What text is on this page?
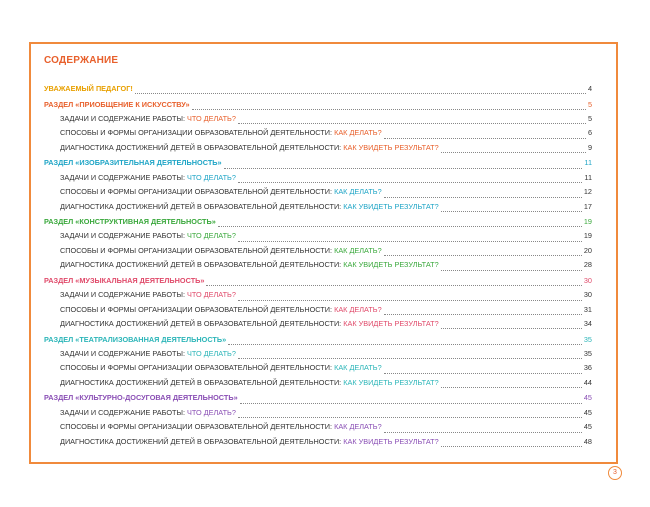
СОДЕРЖАНИЕ
УВАЖАЕМЫЙ ПЕДАГОГ!	4
РАЗДЕЛ «ПРИОБЩЕНИЕ К ИСКУССТВУ»	5
ЗАДАЧИ И СОДЕРЖАНИЕ РАБОТЫ: ЧТО ДЕЛАТЬ?	5
СПОСОБЫ И ФОРМЫ ОРГАНИЗАЦИИ ОБРАЗОВАТЕЛЬНОЙ ДЕЯТЕЛЬНОСТИ: КАК ДЕЛАТЬ?	6
ДИАГНОСТИКА ДОСТИЖЕНИЙ ДЕТЕЙ В ОБРАЗОВАТЕЛЬНОЙ ДЕЯТЕЛЬНОСТИ: КАК УВИДЕТЬ РЕЗУЛЬТАТ?	9
РАЗДЕЛ «ИЗОБРАЗИТЕЛЬНАЯ ДЕЯТЕЛЬНОСТЬ»	11
ЗАДАЧИ И СОДЕРЖАНИЕ РАБОТЫ: ЧТО ДЕЛАТЬ?	11
СПОСОБЫ И ФОРМЫ ОРГАНИЗАЦИИ ОБРАЗОВАТЕЛЬНОЙ ДЕЯТЕЛЬНОСТИ: КАК ДЕЛАТЬ?	12
ДИАГНОСТИКА ДОСТИЖЕНИЙ ДЕТЕЙ В ОБРАЗОВАТЕЛЬНОЙ ДЕЯТЕЛЬНОСТИ: КАК УВИДЕТЬ РЕЗУЛЬТАТ?	17
РАЗДЕЛ «КОНСТРУКТИВНАЯ ДЕЯТЕЛЬНОСТЬ»	19
ЗАДАЧИ И СОДЕРЖАНИЕ РАБОТЫ: ЧТО ДЕЛАТЬ?	19
СПОСОБЫ И ФОРМЫ ОРГАНИЗАЦИИ ОБРАЗОВАТЕЛЬНОЙ ДЕЯТЕЛЬНОСТИ: КАК ДЕЛАТЬ?	20
ДИАГНОСТИКА ДОСТИЖЕНИЙ ДЕТЕЙ В ОБРАЗОВАТЕЛЬНОЙ ДЕЯТЕЛЬНОСТИ: КАК УВИДЕТЬ РЕЗУЛЬТАТ?	28
РАЗДЕЛ «МУЗЫКАЛЬНАЯ ДЕЯТЕЛЬНОСТЬ»	30
ЗАДАЧИ И СОДЕРЖАНИЕ РАБОТЫ: ЧТО ДЕЛАТЬ?	30
СПОСОБЫ И ФОРМЫ ОРГАНИЗАЦИИ ОБРАЗОВАТЕЛЬНОЙ ДЕЯТЕЛЬНОСТИ: КАК ДЕЛАТЬ?	31
ДИАГНОСТИКА ДОСТИЖЕНИЙ ДЕТЕЙ В ОБРАЗОВАТЕЛЬНОЙ ДЕЯТЕЛЬНОСТИ: КАК УВИДЕТЬ РЕЗУЛЬТАТ?	34
РАЗДЕЛ «ТЕАТРАЛИЗОВАННАЯ ДЕЯТЕЛЬНОСТЬ»	35
ЗАДАЧИ И СОДЕРЖАНИЕ РАБОТЫ: ЧТО ДЕЛАТЬ?	35
СПОСОБЫ И ФОРМЫ ОРГАНИЗАЦИИ ОБРАЗОВАТЕЛЬНОЙ ДЕЯТЕЛЬНОСТИ: КАК ДЕЛАТЬ?	36
ДИАГНОСТИКА ДОСТИЖЕНИЙ ДЕТЕЙ В ОБРАЗОВАТЕЛЬНОЙ ДЕЯТЕЛЬНОСТИ: КАК УВИДЕТЬ РЕЗУЛЬТАТ?	44
РАЗДЕЛ «КУЛЬТУРНО-ДОСУГОВАЯ ДЕЯТЕЛЬНОСТЬ»	45
ЗАДАЧИ И СОДЕРЖАНИЕ РАБОТЫ: ЧТО ДЕЛАТЬ?	45
СПОСОБЫ И ФОРМЫ ОРГАНИЗАЦИИ ОБРАЗОВАТЕЛЬНОЙ ДЕЯТЕЛЬНОСТИ: КАК ДЕЛАТЬ?	45
ДИАГНОСТИКА ДОСТИЖЕНИЙ ДЕТЕЙ В ОБРАЗОВАТЕЛЬНОЙ ДЕЯТЕЛЬНОСТИ: КАК УВИДЕТЬ РЕЗУЛЬТАТ?	48
3
